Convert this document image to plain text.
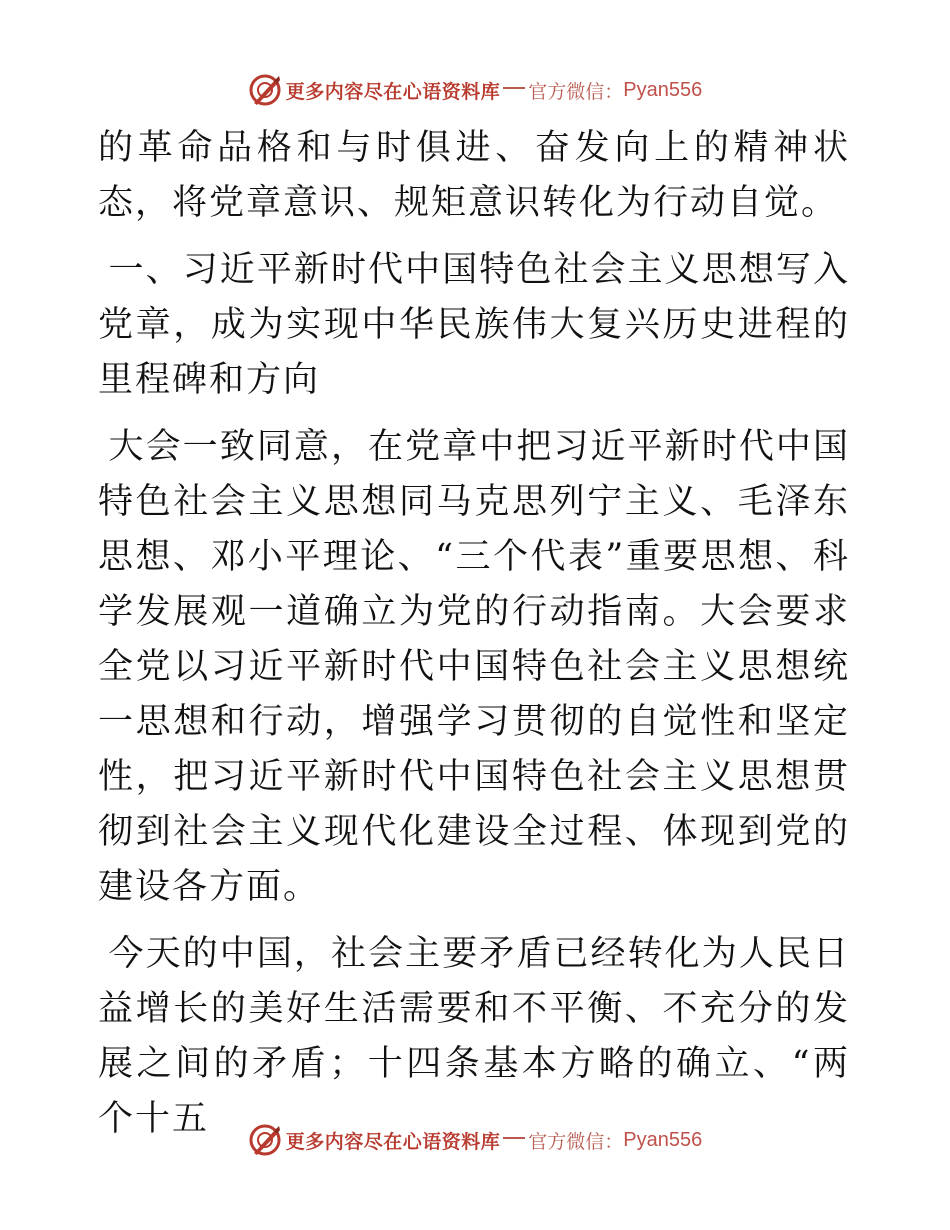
更多内容尽在心语资料库 官方微信： Pyan556

的革命品格和与时俱进、奋发向上的精神状态，将党章意识、规矩意识转化为行动自觉。

一、习近平新时代中国特色社会主义思想写入党章，成为实现中华民族伟大复兴历史进程的里程碑和方向

大会一致同意，在党章中把习近平新时代中国特色社会主义思想同马克思列宁主义、毛泽东思想、邓小平理论、“三个代表”重要思想、科学发展观一道确立为党的行动指南。大会要求全党以习近平新时代中国特色社会主义思想统一思想和行动，增强学习贯彻的自觉性和坚定性，把习近平新时代中国特色社会主义思想贯彻到社会主义现代化建设全过程、体现到党的建设各方面。

今天的中国，社会主要矛盾已经转化为人民日益增长的美好生活需要和不平衡、不充分的发展之间的矛盾；十四条基本方略的确立、“两个十五

更多内容尽在心语资料库 官方微信： Pyan556
